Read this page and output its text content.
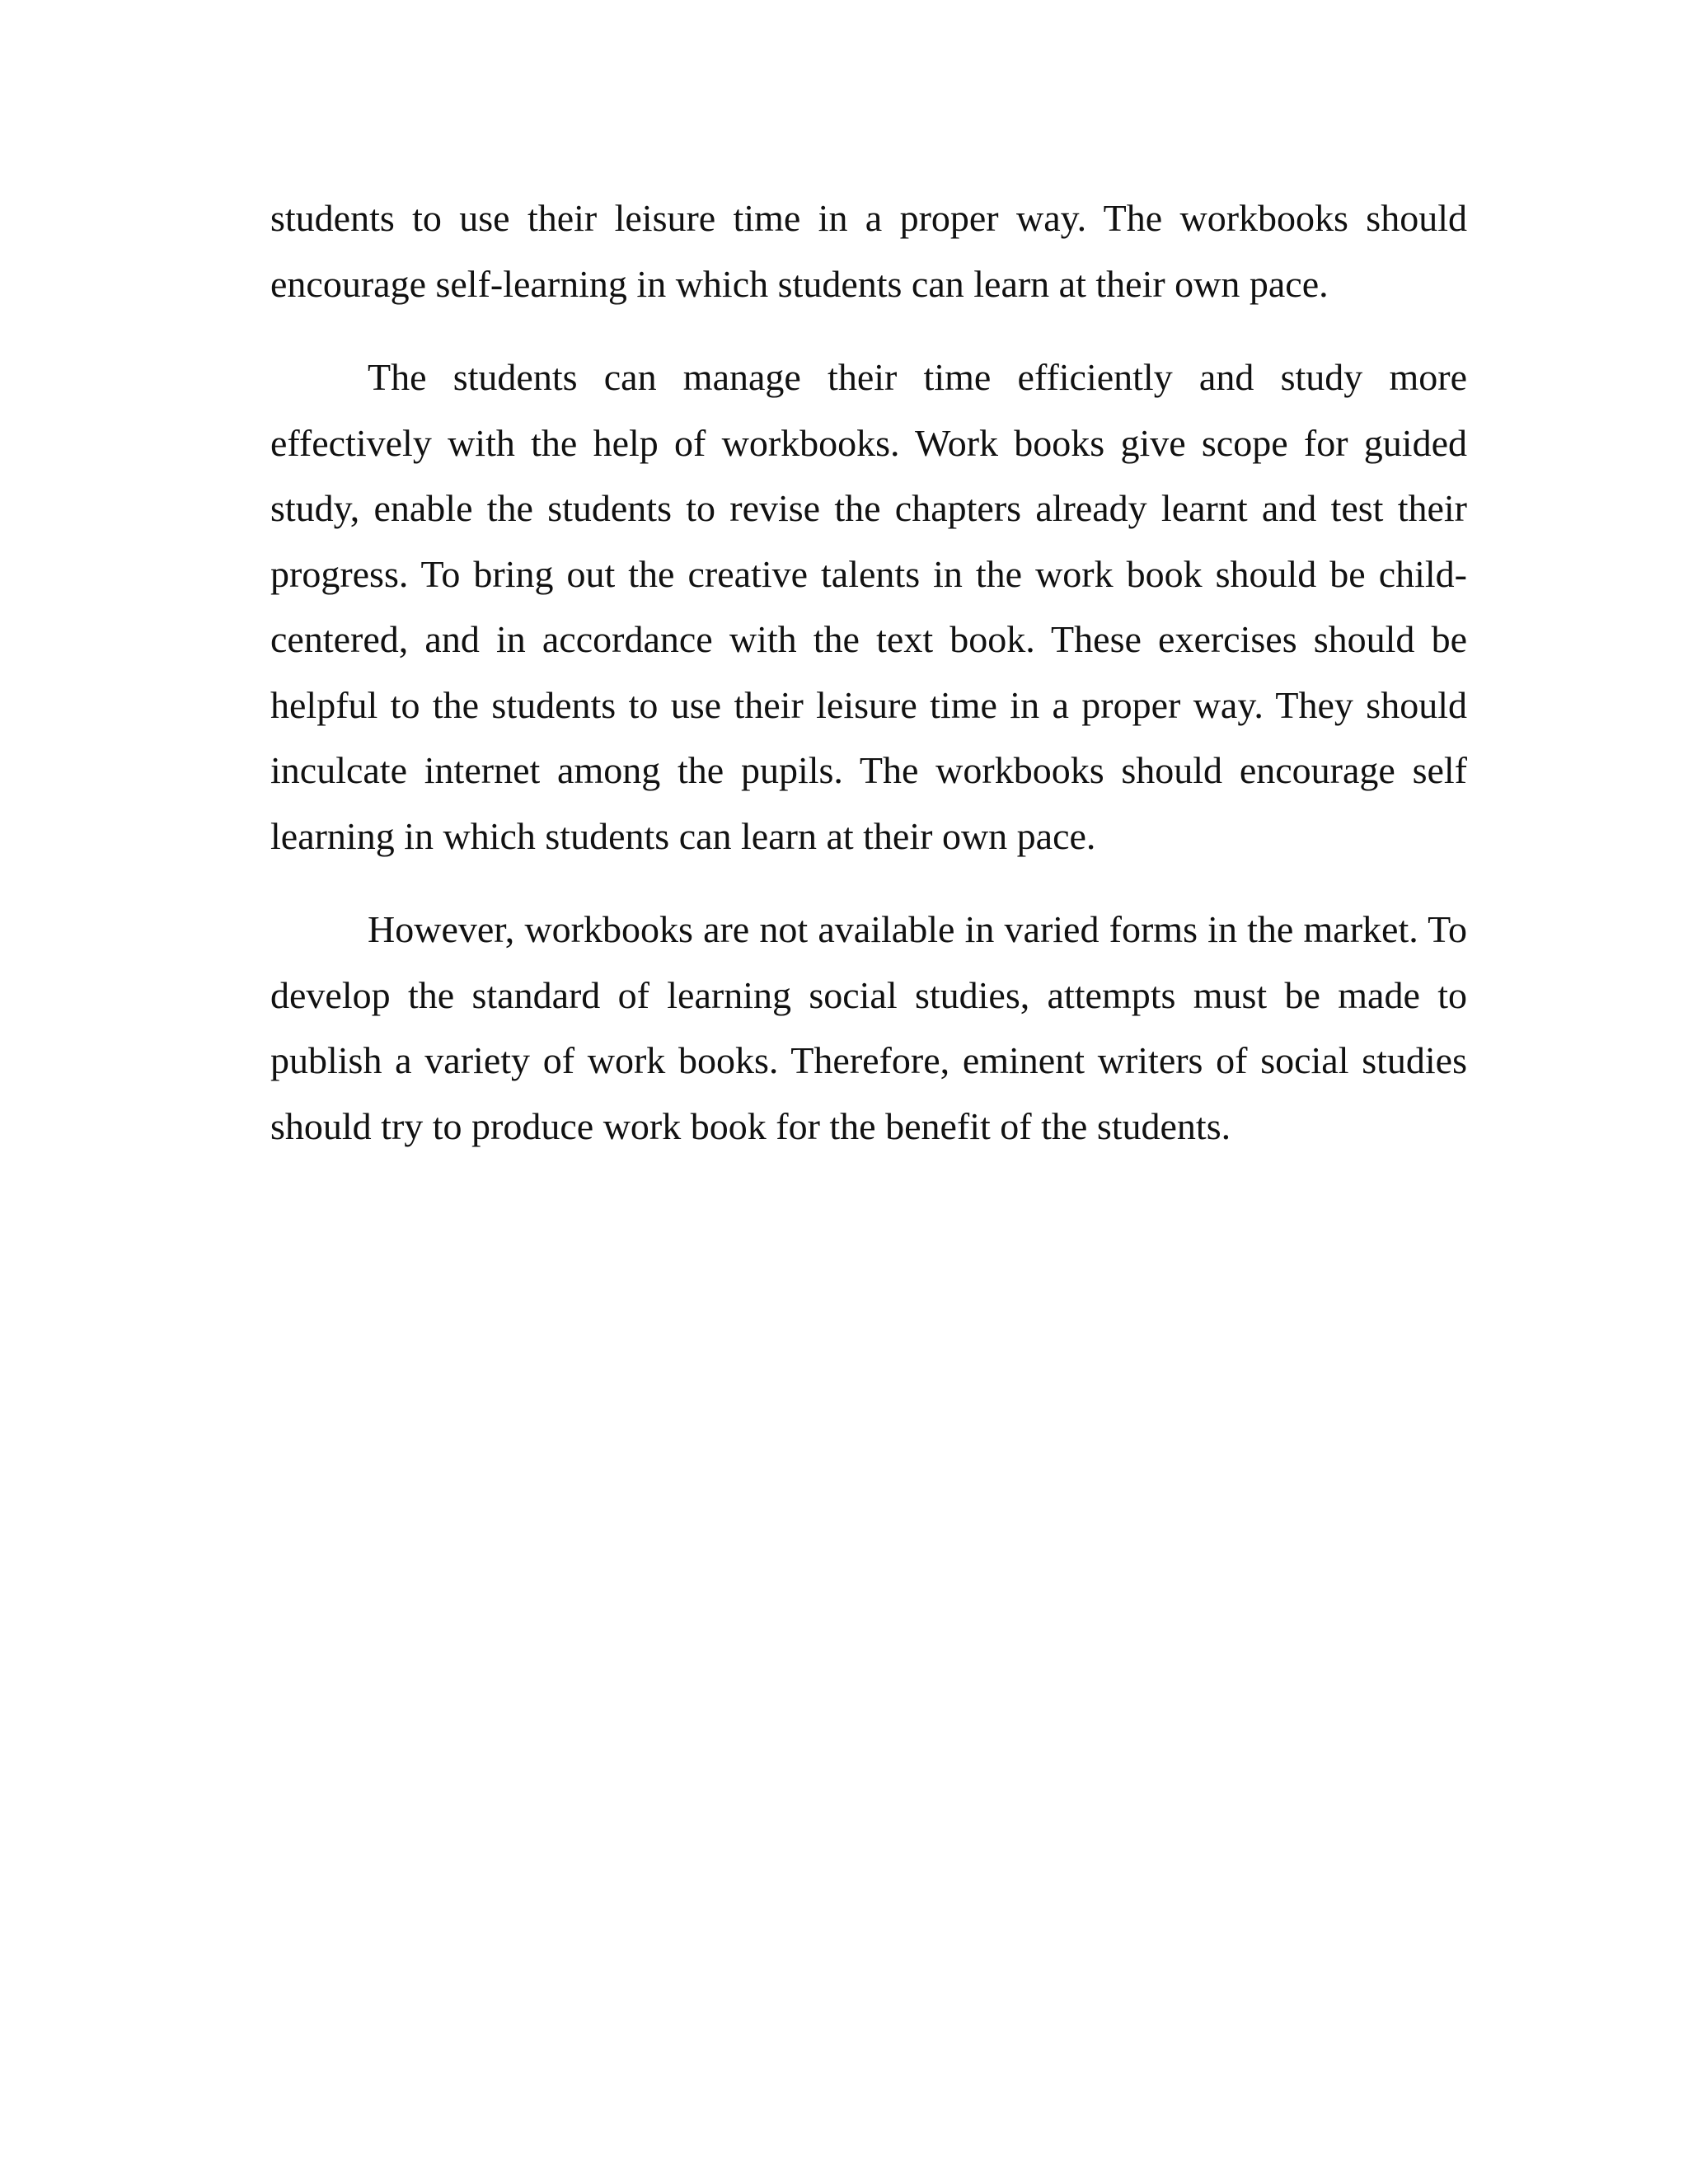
students to use their leisure time in a proper way. The workbooks should encourage self-learning in which students can learn at their own pace.

The students can manage their time efficiently and study more effectively with the help of workbooks. Work books give scope for guided study, enable the students to revise the chapters already learnt and test their progress. To bring out the creative talents in the work book should be child-centered, and in accordance with the text book. These exercises should be helpful to the students to use their leisure time in a proper way. They should inculcate internet among the pupils. The workbooks should encourage self learning in which students can learn at their own pace.

However, workbooks are not available in varied forms in the market. To develop the standard of learning social studies, attempts must be made to publish a variety of work books. Therefore, eminent writers of social studies should try to produce work book for the benefit of the students.
